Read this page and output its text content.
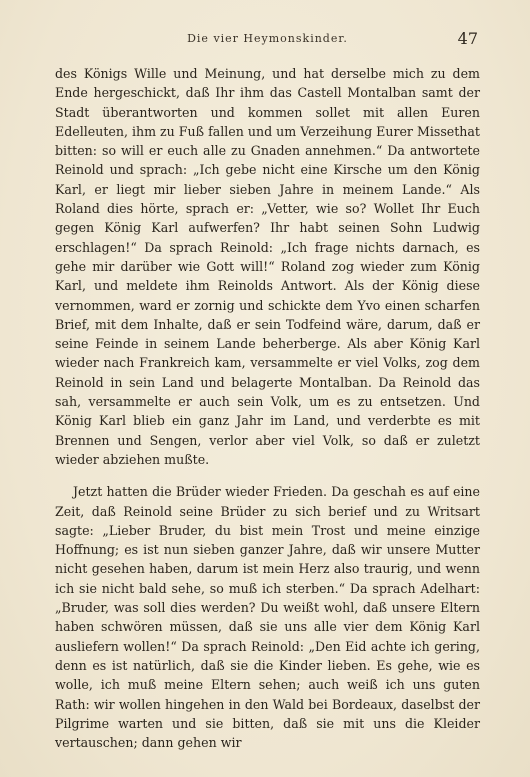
Die vier Heymonskinder.	47

des Königs Wille und Meinung, und hat derselbe mich zu dem Ende hergeschickt, daß Ihr ihm das Castell Montalban samt der Stadt überantworten und kommen sollet mit allen Euren Edelleuten, ihm zu Fuß fallen und um Verzeihung Eurer Missethat bitten: so will er euch alle zu Gnaden annehmen.“ Da antwortete Reinold und sprach: „Ich gebe nicht eine Kirsche um den König Karl, er liegt mir lieber sieben Jahre in meinem Lande.“ Als Roland dies hörte, sprach er: „Vetter, wie so? Wollet Ihr Euch gegen König Karl aufwerfen? Ihr habt seinen Sohn Ludwig erschlagen!“ Da sprach Reinold: „Ich frage nichts darnach, es gehe mir darüber wie Gott will!“ Roland zog wieder zum König Karl, und meldete ihm Reinolds Antwort. Als der König diese vernommen, ward er zornig und schickte dem Yvo einen scharfen Brief, mit dem Inhalte, daß er sein Todfeind wäre, darum, daß er seine Feinde in seinem Lande beherberge. Als aber König Karl wieder nach Frankreich kam, versammelte er viel Volks, zog dem Reinold in sein Land und belagerte Montalban. Da Reinold das sah, versammelte er auch sein Volk, um es zu entsetzen. Und König Karl blieb ein ganz Jahr im Land, und verderbte es mit Brennen und Sengen, verlor aber viel Volk, so daß er zuletzt wieder abziehen mußte.

Jetzt hatten die Brüder wieder Frieden. Da geschah es auf eine Zeit, daß Reinold seine Brüder zu sich berief und zu Writsart sagte: „Lieber Bruder, du bist mein Trost und meine einzige Hoffnung; es ist nun sieben ganzer Jahre, daß wir unsere Mutter nicht gesehen haben, darum ist mein Herz also traurig, und wenn ich sie nicht bald sehe, so muß ich sterben.“ Da sprach Adelhart: „Bruder, was soll dies werden? Du weißt wohl, daß unsere Eltern haben schwören müssen, daß sie uns alle vier dem König Karl ausliefern wollen!“ Da sprach Reinold: „Den Eid achte ich gering, denn es ist natürlich, daß sie die Kinder lieben. Es gehe, wie es wolle, ich muß meine Eltern sehen; auch weiß ich uns guten Rath: wir wollen hingehen in den Wald bei Bordeaux, daselbst der Pilgrime warten und sie bitten, daß sie mit uns die Kleider vertauschen; dann gehen wir
